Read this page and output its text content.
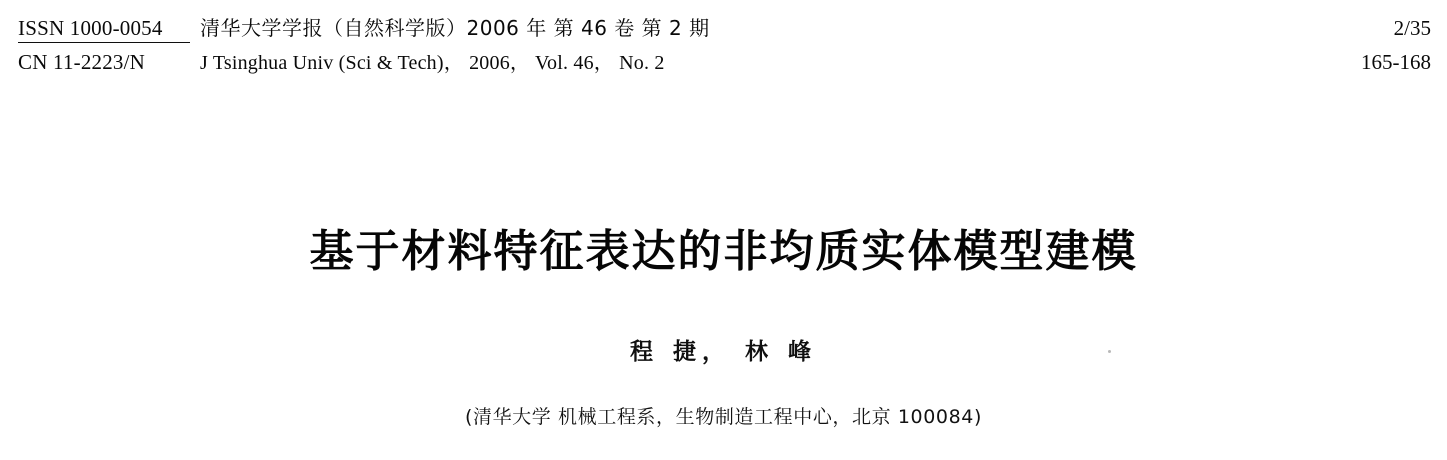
ISSN 1000-0054	清华大学学报（自然科学版）2006 年 第 46 卷 第 2 期	2/35
CN 11-2223/N	J Tsinghua Univ (Sci & Tech)， 2006， Vol. 46， No. 2	165-168
基于材料特征表达的非均质实体模型建模
程 捷， 林 峰
(清华大学 机械工程系，生物制造工程中心，北京 100084)
